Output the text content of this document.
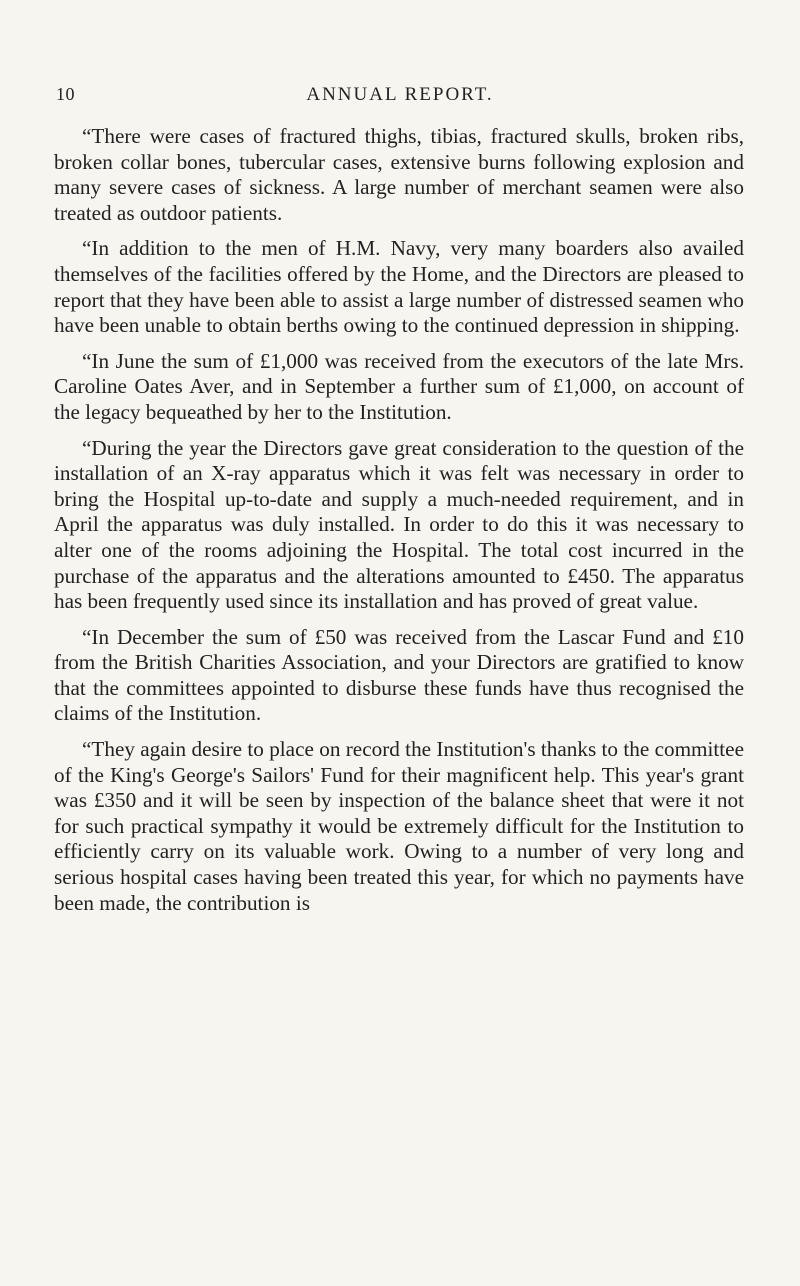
10	ANNUAL REPORT.

“There were cases of fractured thighs, tibias, fractured skulls, broken ribs, broken collar bones, tubercular cases, extensive burns following explosion and many severe cases of sickness. A large number of merchant seamen were also treated as outdoor patients.

“In addition to the men of H.M. Navy, very many boarders also availed themselves of the facilities offered by the Home, and the Directors are pleased to report that they have been able to assist a large number of distressed seamen who have been unable to obtain berths owing to the continued depression in shipping.

“In June the sum of £1,000 was received from the executors of the late Mrs. Caroline Oates Aver, and in September a further sum of £1,000, on account of the legacy bequeathed by her to the Institution.

“During the year the Directors gave great consideration to the question of the installation of an X-ray apparatus which it was felt was necessary in order to bring the Hospital up-to-date and supply a much-needed requirement, and in April the apparatus was duly installed. In order to do this it was necessary to alter one of the rooms adjoining the Hospital. The total cost incurred in the purchase of the apparatus and the alterations amounted to £450. The apparatus has been frequently used since its installation and has proved of great value.

“In December the sum of £50 was received from the Lascar Fund and £10 from the British Charities Association, and your Directors are gratified to know that the committees appointed to disburse these funds have thus recognised the claims of the Institution.

“They again desire to place on record the Institution's thanks to the committee of the King's George's Sailors' Fund for their magnificent help. This year's grant was £350 and it will be seen by inspection of the balance sheet that were it not for such practical sympathy it would be extremely difficult for the Institution to efficiently carry on its valuable work. Owing to a number of very long and serious hospital cases having been treated this year, for which no payments have been made, the contribution is
